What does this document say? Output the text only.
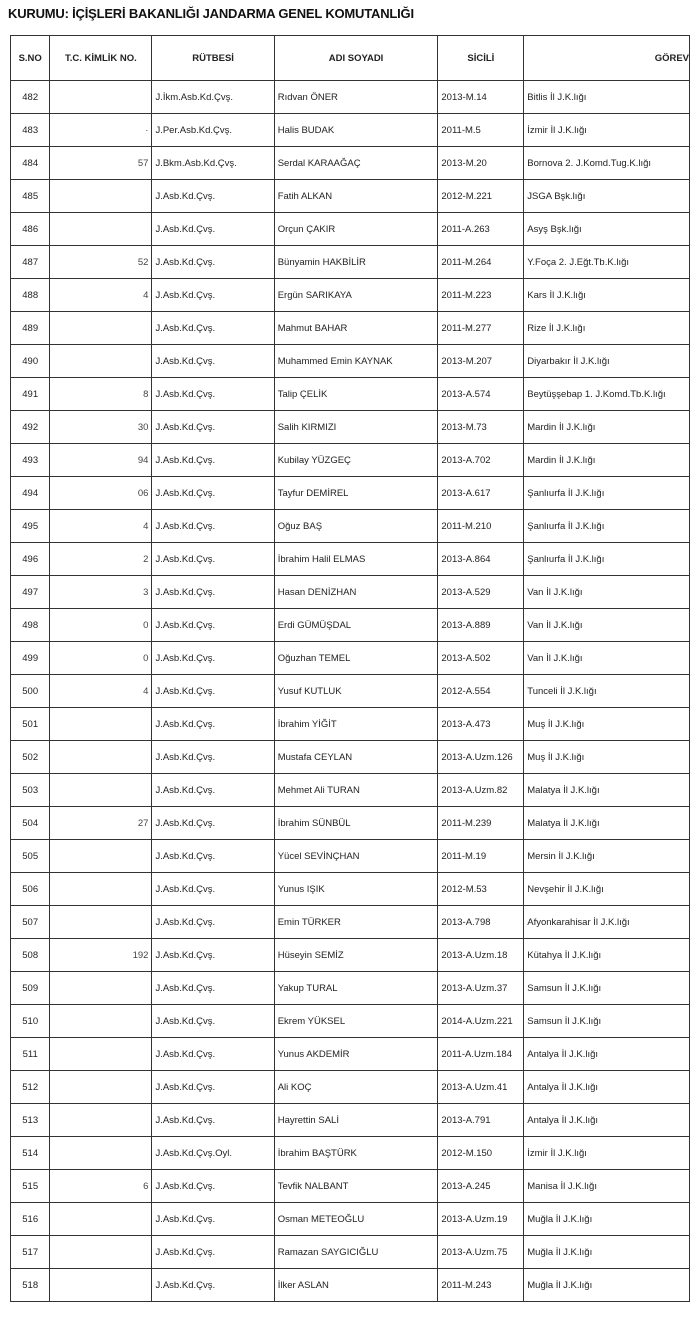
KURUMU: İÇİŞLERİ BAKANLIĞI JANDARMA GENEL KOMUTANLIĞI
S.NO	T.C. KİMLİK NO.	RÜTBESİ	ADI SOYADI	SİCİLİ	GÖREV
482		J.İkm.Asb.Kd.Çvş.	Rıdvan ÖNER	2013-M.14	Bitlis İl J.K.lığı
483	·	J.Per.Asb.Kd.Çvş.	Halis BUDAK	2011-M.5	İzmir İl J.K.lığı
484	57	J.Bkm.Asb.Kd.Çvş.	Serdal KARAAĞAÇ	2013-M.20	Bornova 2. J.Komd.Tug.K.lığı
485		J.Asb.Kd.Çvş.	Fatih ALKAN	2012-M.221	JSGA Bşk.lığı
486		J.Asb.Kd.Çvş.	Orçun ÇAKIR	2011-A.263	Asyş Bşk.lığı
487	52	J.Asb.Kd.Çvş.	Bünyamin HAKBİLİR	2011-M.264	Y.Foça 2. J.Eğt.Tb.K.lığı
488	4	J.Asb.Kd.Çvş.	Ergün SARIKAYA	2011-M.223	Kars İl J.K.lığı
489		J.Asb.Kd.Çvş.	Mahmut BAHAR	2011-M.277	Rize İl J.K.lığı
490		J.Asb.Kd.Çvş.	Muhammed Emin KAYNAK	2013-M.207	Diyarbakır İl J.K.lığı
491	8	J.Asb.Kd.Çvş.	Talip ÇELİK	2013-A.574	Beytüşşebap 1. J.Komd.Tb.K.lığı
492	30	J.Asb.Kd.Çvş.	Salih KIRMIZI	2013-M.73	Mardin İl J.K.lığı
493	94	J.Asb.Kd.Çvş.	Kubilay YÜZGEÇ	2013-A.702	Mardin İl J.K.lığı
494	06	J.Asb.Kd.Çvş.	Tayfur DEMİREL	2013-A.617	Şanlıurfa İl J.K.lığı
495	4	J.Asb.Kd.Çvş.	Oğuz BAŞ	2011-M.210	Şanlıurfa İl J.K.lığı
496	2	J.Asb.Kd.Çvş.	İbrahim Halil ELMAS	2013-A.864	Şanlıurfa İl J.K.lığı
497	3	J.Asb.Kd.Çvş.	Hasan DENİZHAN	2013-A.529	Van İl J.K.lığı
498	0	J.Asb.Kd.Çvş.	Erdi GÜMÜŞDAL	2013-A.889	Van İl J.K.lığı
499	0	J.Asb.Kd.Çvş.	Oğuzhan TEMEL	2013-A.502	Van İl J.K.lığı
500	4	J.Asb.Kd.Çvş.	Yusuf KUTLUK	2012-A.554	Tunceli İl J.K.lığı
501		J.Asb.Kd.Çvş.	İbrahim YİĞİT	2013-A.473	Muş İl J.K.lığı
502		J.Asb.Kd.Çvş.	Mustafa CEYLAN	2013-A.Uzm.126	Muş İl J.K.lığı
503		J.Asb.Kd.Çvş.	Mehmet Ali TURAN	2013-A.Uzm.82	Malatya İl J.K.lığı
504	27	J.Asb.Kd.Çvş.	İbrahim SÜNBÜL	2011-M.239	Malatya İl J.K.lığı
505		J.Asb.Kd.Çvş.	Yücel SEVİNÇHAN	2011-M.19	Mersin İl J.K.lığı
506		J.Asb.Kd.Çvş.	Yunus IŞIK	2012-M.53	Nevşehir İl J.K.lığı
507		J.Asb.Kd.Çvş.	Emin TÜRKER	2013-A.798	Afyonkarahisar İl J.K.lığı
508	192	J.Asb.Kd.Çvş.	Hüseyin SEMİZ	2013-A.Uzm.18	Kütahya İl J.K.lığı
509		J.Asb.Kd.Çvş.	Yakup TURAL	2013-A.Uzm.37	Samsun İl J.K.lığı
510		J.Asb.Kd.Çvş.	Ekrem YÜKSEL	2014-A.Uzm.221	Samsun İl J.K.lığı
511		J.Asb.Kd.Çvş.	Yunus AKDEMİR	2011-A.Uzm.184	Antalya İl J.K.lığı
512		J.Asb.Kd.Çvş.	Ali KOÇ	2013-A.Uzm.41	Antalya İl J.K.lığı
513		J.Asb.Kd.Çvş.	Hayrettin SALİ	2013-A.791	Antalya İl J.K.lığı
514		J.Asb.Kd.Çvş.Oyl.	İbrahim BAŞTÜRK	2012-M.150	İzmir İl J.K.lığı
515	6	J.Asb.Kd.Çvş.	Tevfik NALBANT	2013-A.245	Manisa İl J.K.lığı
516		J.Asb.Kd.Çvş.	Osman METEOĞLU	2013-A.Uzm.19	Muğla İl J.K.lığı
517		J.Asb.Kd.Çvş.	Ramazan SAYGICIĞLU	2013-A.Uzm.75	Muğla İl J.K.lığı
518		J.Asb.Kd.Çvş.	İlker ASLAN	2011-M.243	Muğla İl J.K.lığı
